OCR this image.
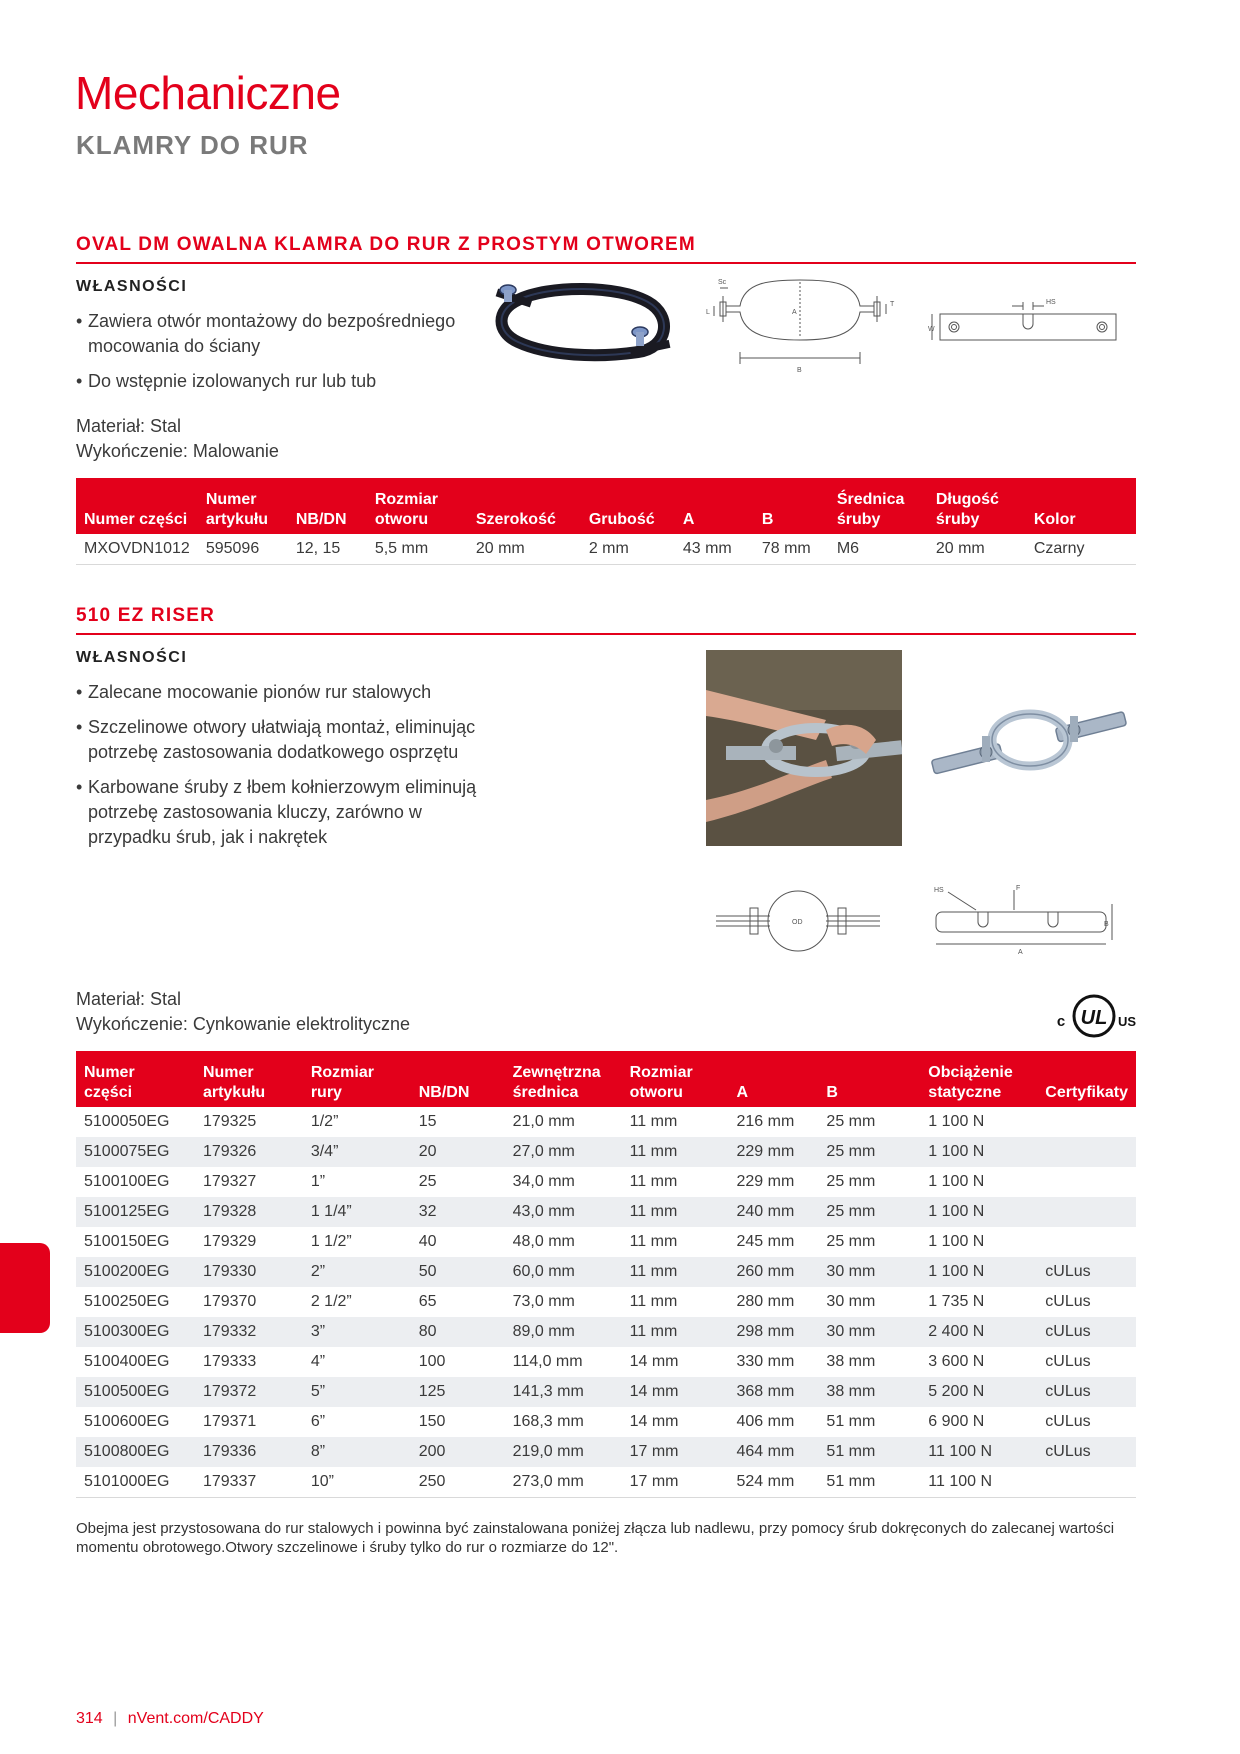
Mechaniczne
KLAMRY DO RUR
OVAL DM OWALNA KLAMRA DO RUR Z PROSTYM OTWOREM
WŁASNOŚCI
• Zawiera otwór montażowy do bezpośredniego mocowania do ściany
• Do wstępnie izolowanych rur lub tub
Sc
L	A
T
B
HS
W
Materiał: Stal
Wykończenie: Malowanie
Numer części	Numer artykułu	NB/DN	Rozmiar otworu	Szerokość	Grubość	A	B	Średnica śruby	Długość śruby	Kolor
MXOVDN1012	595096	12, 15	5,5 mm	20 mm	2 mm	43 mm	78 mm	M6	20 mm	Czarny
510 EZ RISER
WŁASNOŚCI
• Zalecane mocowanie pionów rur stalowych
• Szczelinowe otwory ułatwiają montaż, eliminując potrzebę zastosowania dodatkowego osprzętu
• Karbowane śruby z łbem kołnierzowym eliminują potrzebę zastosowania kluczy, zarówno w przypadku śrub, jak i nakrętek
OD
HS	F
B
A
UL
c	US
Materiał: Stal
Wykończenie: Cynkowanie elektrolityczne
Numer części	Numer artykułu	Rozmiar rury	NB/DN	Zewnętrzna średnica	Rozmiar otworu	A	B	Obciążenie statyczne	Certyfikaty
5100050EG	179325	1/2”	15	21,0 mm	11 mm	216 mm	25 mm	1 100 N	
5100075EG	179326	3/4”	20	27,0 mm	11 mm	229 mm	25 mm	1 100 N	
5100100EG	179327	1”	25	34,0 mm	11 mm	229 mm	25 mm	1 100 N	
5100125EG	179328	1 1/4”	32	43,0 mm	11 mm	240 mm	25 mm	1 100 N	
5100150EG	179329	1 1/2”	40	48,0 mm	11 mm	245 mm	25 mm	1 100 N	
5100200EG	179330	2”	50	60,0 mm	11 mm	260 mm	30 mm	1 100 N	cULus
5100250EG	179370	2 1/2”	65	73,0 mm	11 mm	280 mm	30 mm	1 735 N	cULus
5100300EG	179332	3”	80	89,0 mm	11 mm	298 mm	30 mm	2 400 N	cULus
5100400EG	179333	4”	100	114,0 mm	14 mm	330 mm	38 mm	3 600 N	cULus
5100500EG	179372	5”	125	141,3 mm	14 mm	368 mm	38 mm	5 200 N	cULus
5100600EG	179371	6”	150	168,3 mm	14 mm	406 mm	51 mm	6 900 N	cULus
5100800EG	179336	8”	200	219,0 mm	17 mm	464 mm	51 mm	11 100 N	cULus
5101000EG	179337	10”	250	273,0 mm	17 mm	524 mm	51 mm	11 100 N	
Obejma jest przystosowana do rur stalowych i powinna być zainstalowana poniżej złącza lub nadlewu, przy pomocy śrub dokręconych do zalecanej wartości momentu obrotowego.Otwory szczelinowe i śruby tylko do rur o rozmiarze do 12".
314 | nVent.com/CADDY
